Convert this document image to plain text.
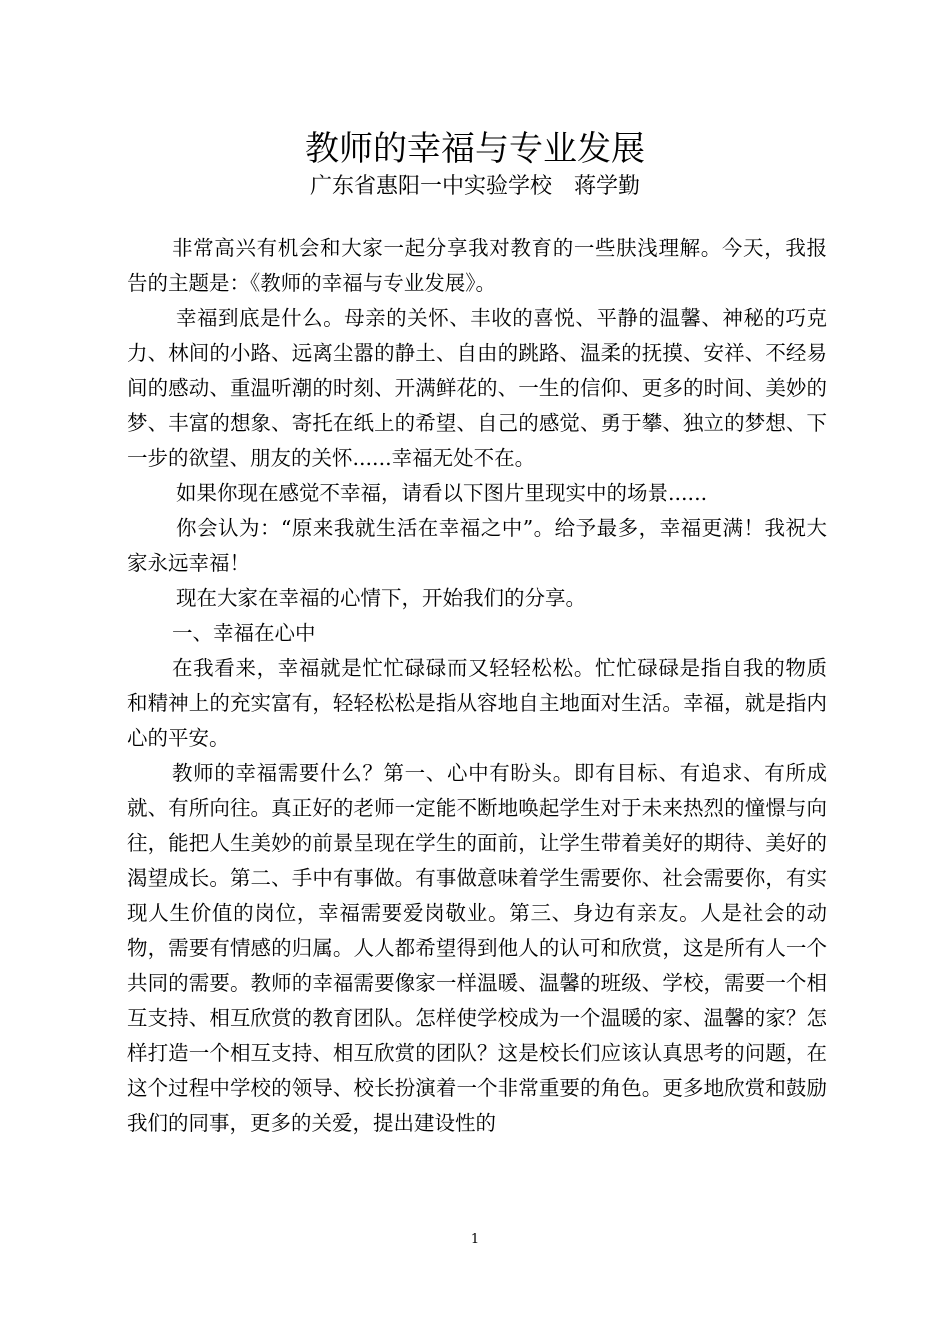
教师的幸福与专业发展
广东省惠阳一中实验学校　蒋学勤

非常高兴有机会和大家一起分享我对教育的一些肤浅理解。今天，我报告的主题是：《教师的幸福与专业发展》。

幸福到底是什么。母亲的关怀、丰收的喜悦、平静的温馨、神秘的巧克力、林间的小路、远离尘嚣的静土、自由的跳路、温柔的抚摸、安祥、不经易间的感动、重温听潮的时刻、开满鲜花的、一生的信仰、更多的时间、美妙的梦、丰富的想象、寄托在纸上的希望、自己的感觉、勇于攀、独立的梦想、下一步的欲望、朋友的关怀......幸福无处不在。

如果你现在感觉不幸福，请看以下图片里现实中的场景......

你会认为：“原来我就生活在幸福之中”。给予最多，幸福更满！我祝大家永远幸福！

现在大家在幸福的心情下，开始我们的分享。

一、幸福在心中

在我看来，幸福就是忙忙碌碌而又轻轻松松。忙忙碌碌是指自我的物质和精神上的充实富有，轻轻松松是指从容地自主地面对生活。幸福，就是指内心的平安。

教师的幸福需要什么？第一、心中有盼头。即有目标、有追求、有所成就、有所向往。真正好的老师一定能不断地唤起学生对于未来热烈的憧憬与向往，能把人生美妙的前景呈现在学生的面前，让学生带着美好的期待、美好的渴望成长。第二、手中有事做。有事做意味着学生需要你、社会需要你，有实现人生价值的岗位，幸福需要爱岗敬业。第三、身边有亲友。人是社会的动物，需要有情感的归属。人人都希望得到他人的认可和欣赏，这是所有人一个共同的需要。教师的幸福需要像家一样温暖、温馨的班级、学校，需要一个相互支持、相互欣赏的教育团队。怎样使学校成为一个温暖的家、温馨的家？怎样打造一个相互支持、相互欣赏的团队？这是校长们应该认真思考的问题，在这个过程中学校的领导、校长扮演着一个非常重要的角色。更多地欣赏和鼓励我们的同事，更多的关爱，提出建设性的

1
